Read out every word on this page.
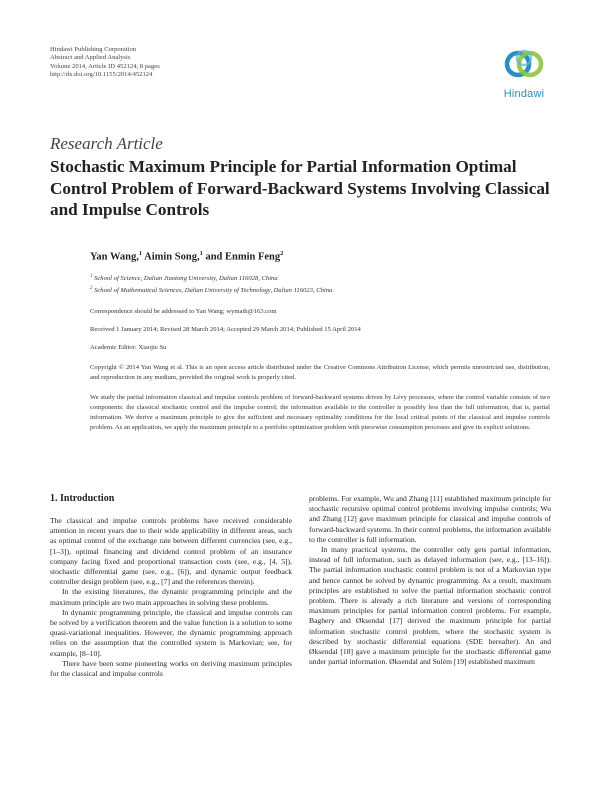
Hindawi Publishing Corporation
Abstract and Applied Analysis
Volume 2014, Article ID 452124, 8 pages
http://dx.doi.org/10.1155/2014/452124
Hindawi
Research Article
Stochastic Maximum Principle for Partial Information Optimal Control Problem of Forward-Backward Systems Involving Classical and Impulse Controls
Yan Wang,$^1$ Aimin Song,$^1$ and Enmin Feng$^2$
$^1$ School of Science, Dalian Jiaotong University, Dalian 116028, China
$^2$ School of Mathematical Sciences, Dalian University of Technology, Dalian 116023, China
Correspondence should be addressed to Yan Wang; wymath@163.com
Received 1 January 2014; Revised 28 March 2014; Accepted 29 March 2014; Published 15 April 2014
Academic Editor: Xiaojie Su
Copyright © 2014 Yan Wang et al. This is an open access article distributed under the Creative Commons Attribution License, which permits unrestricted use, distribution, and reproduction in any medium, provided the original work is properly cited.
We study the partial information classical and impulse controls problem of forward-backward systems driven by Lévy processes, where the control variable consists of two components: the classical stochastic control and the impulse control; the information available to the controller is possibly less than the full information, that is, partial information. We derive a maximum principle to give the sufficient and necessary optimality conditions for the local critical points of the classical and impulse controls problem. As an application, we apply the maximum principle to a portfolio optimization problem with piecewise consumption processes and give its explicit solutions.
1. Introduction

The classical and impulse controls problems have received considerable attention in recent years due to their wide applicability in different areas, such as optimal control of the exchange rate between different currencies (see, e.g., [1–3]), optimal financing and dividend control problem of an insurance company facing fixed and proportional transaction costs (see, e.g., [4, 5]), stochastic differential game (see, e.g., [6]), and dynamic output feedback controller design problem (see, e.g., [7] and the references therein).

In the existing literatures, the dynamic programming principle and the maximum principle are two main approaches in solving these problems.

In dynamic programming principle, the classical and impulse controls can be solved by a verification theorem and the value function is a solution to some quasi-variational inequalities. However, the dynamic programming approach relies on the assumption that the controlled system is Markovian; see, for example, [8–10].

There have been some pioneering works on deriving maximum principles for the classical and impulse controls

problems. For example, Wu and Zhang [11] established maximum principle for stochastic recursive optimal control problems involving impulse controls; Wu and Zhang [12] gave maximum principle for classical and impulse controls of forward-backward systems. In their control problems, the information available to the controller is full information.

In many practical systems, the controller only gets partial information, instead of full information, such as delayed information (see, e.g., [13–16]). The partial information stochastic control problem is not of a Markovian type and hence cannot be solved by dynamic programming. As a result, maximum principles are established to solve the partial information stochastic control problem. There is already a rich literature and versions of corresponding maximum principles for partial information control problems. For example, Baghery and Øksendal [17] derived the maximum principle for partial information stochastic control problem, where the stochastic system is described by stochastic differential equations (SDE hereafter). An and Øksendal [18] gave a maximum principle for the stochastic differential game under partial information. Øksendal and Sulèm [19] established maximum
